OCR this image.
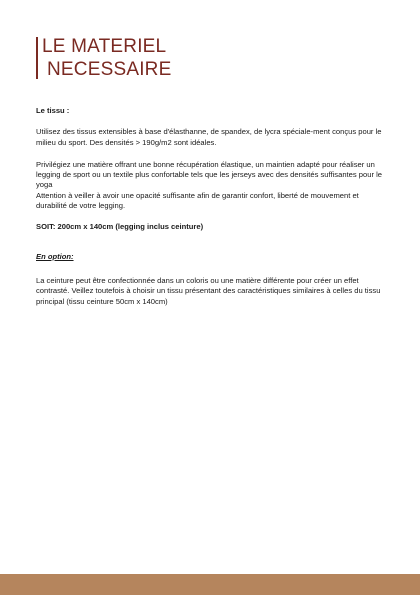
LE MATERIEL
NECESSAIRE

Le tissu :

Utilisez des tissus extensibles à base d'élasthanne, de spandex, de lycra spéciale-ment conçus pour le milieu du sport. Des densités > 190g/m2 sont idéales.

Privilégiez une matière offrant une bonne récupération élastique, un maintien adapté pour réaliser un legging de sport ou un textile plus confortable tels que les jerseys avec des densités suffisantes pour le yoga

Attention à veiller à avoir une opacité suffisante afin de garantir confort, liberté de mouvement et durabilité de votre legging.

SOIT: 200cm x 140cm (legging inclus ceinture)

En option:

La ceinture peut être confectionnée dans un coloris ou une matière différente pour créer un effet contrasté. Veillez toutefois à choisir un tissu présentant des caractéristiques similaires à celles du tissu principal (tissu ceinture 50cm x 140cm)
